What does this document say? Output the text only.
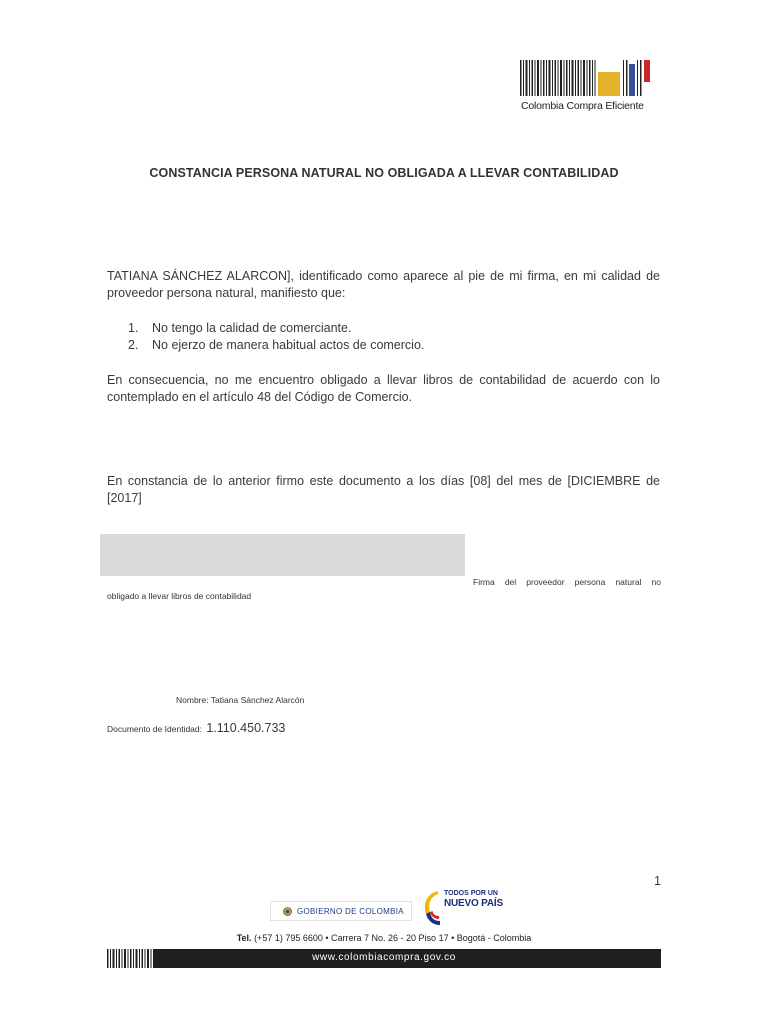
Colombia Compra Eficiente
CONSTANCIA PERSONA NATURAL NO OBLIGADA A LLEVAR CONTABILIDAD
TATIANA SÁNCHEZ ALARCON], identificado como aparece al pie de mi firma, en mi calidad de proveedor persona natural, manifiesto que:
1. No tengo la calidad de comerciante.
2. No ejerzo de manera habitual actos de comercio.
En consecuencia, no me encuentro obligado a llevar libros de contabilidad de acuerdo con lo contemplado en el artículo 48 del Código de Comercio.
En constancia de lo anterior firmo este documento a los días [08] del mes de [DICIEMBRE de [2017]
Firma del proveedor persona natural no
obligado a llevar libros de contabilidad
Nombre: Tatiana Sánchez Alarcón
Documento de Identidad: 1.110.450.733
1
GOBIERNO DE COLOMBIA
TODOS POR UN
NUEVO PAÍS
Tel. (+57 1) 795 6600 • Carrera 7 No. 26 - 20 Piso 17 • Bogotá - Colombia
www.colombiacompra.gov.co
